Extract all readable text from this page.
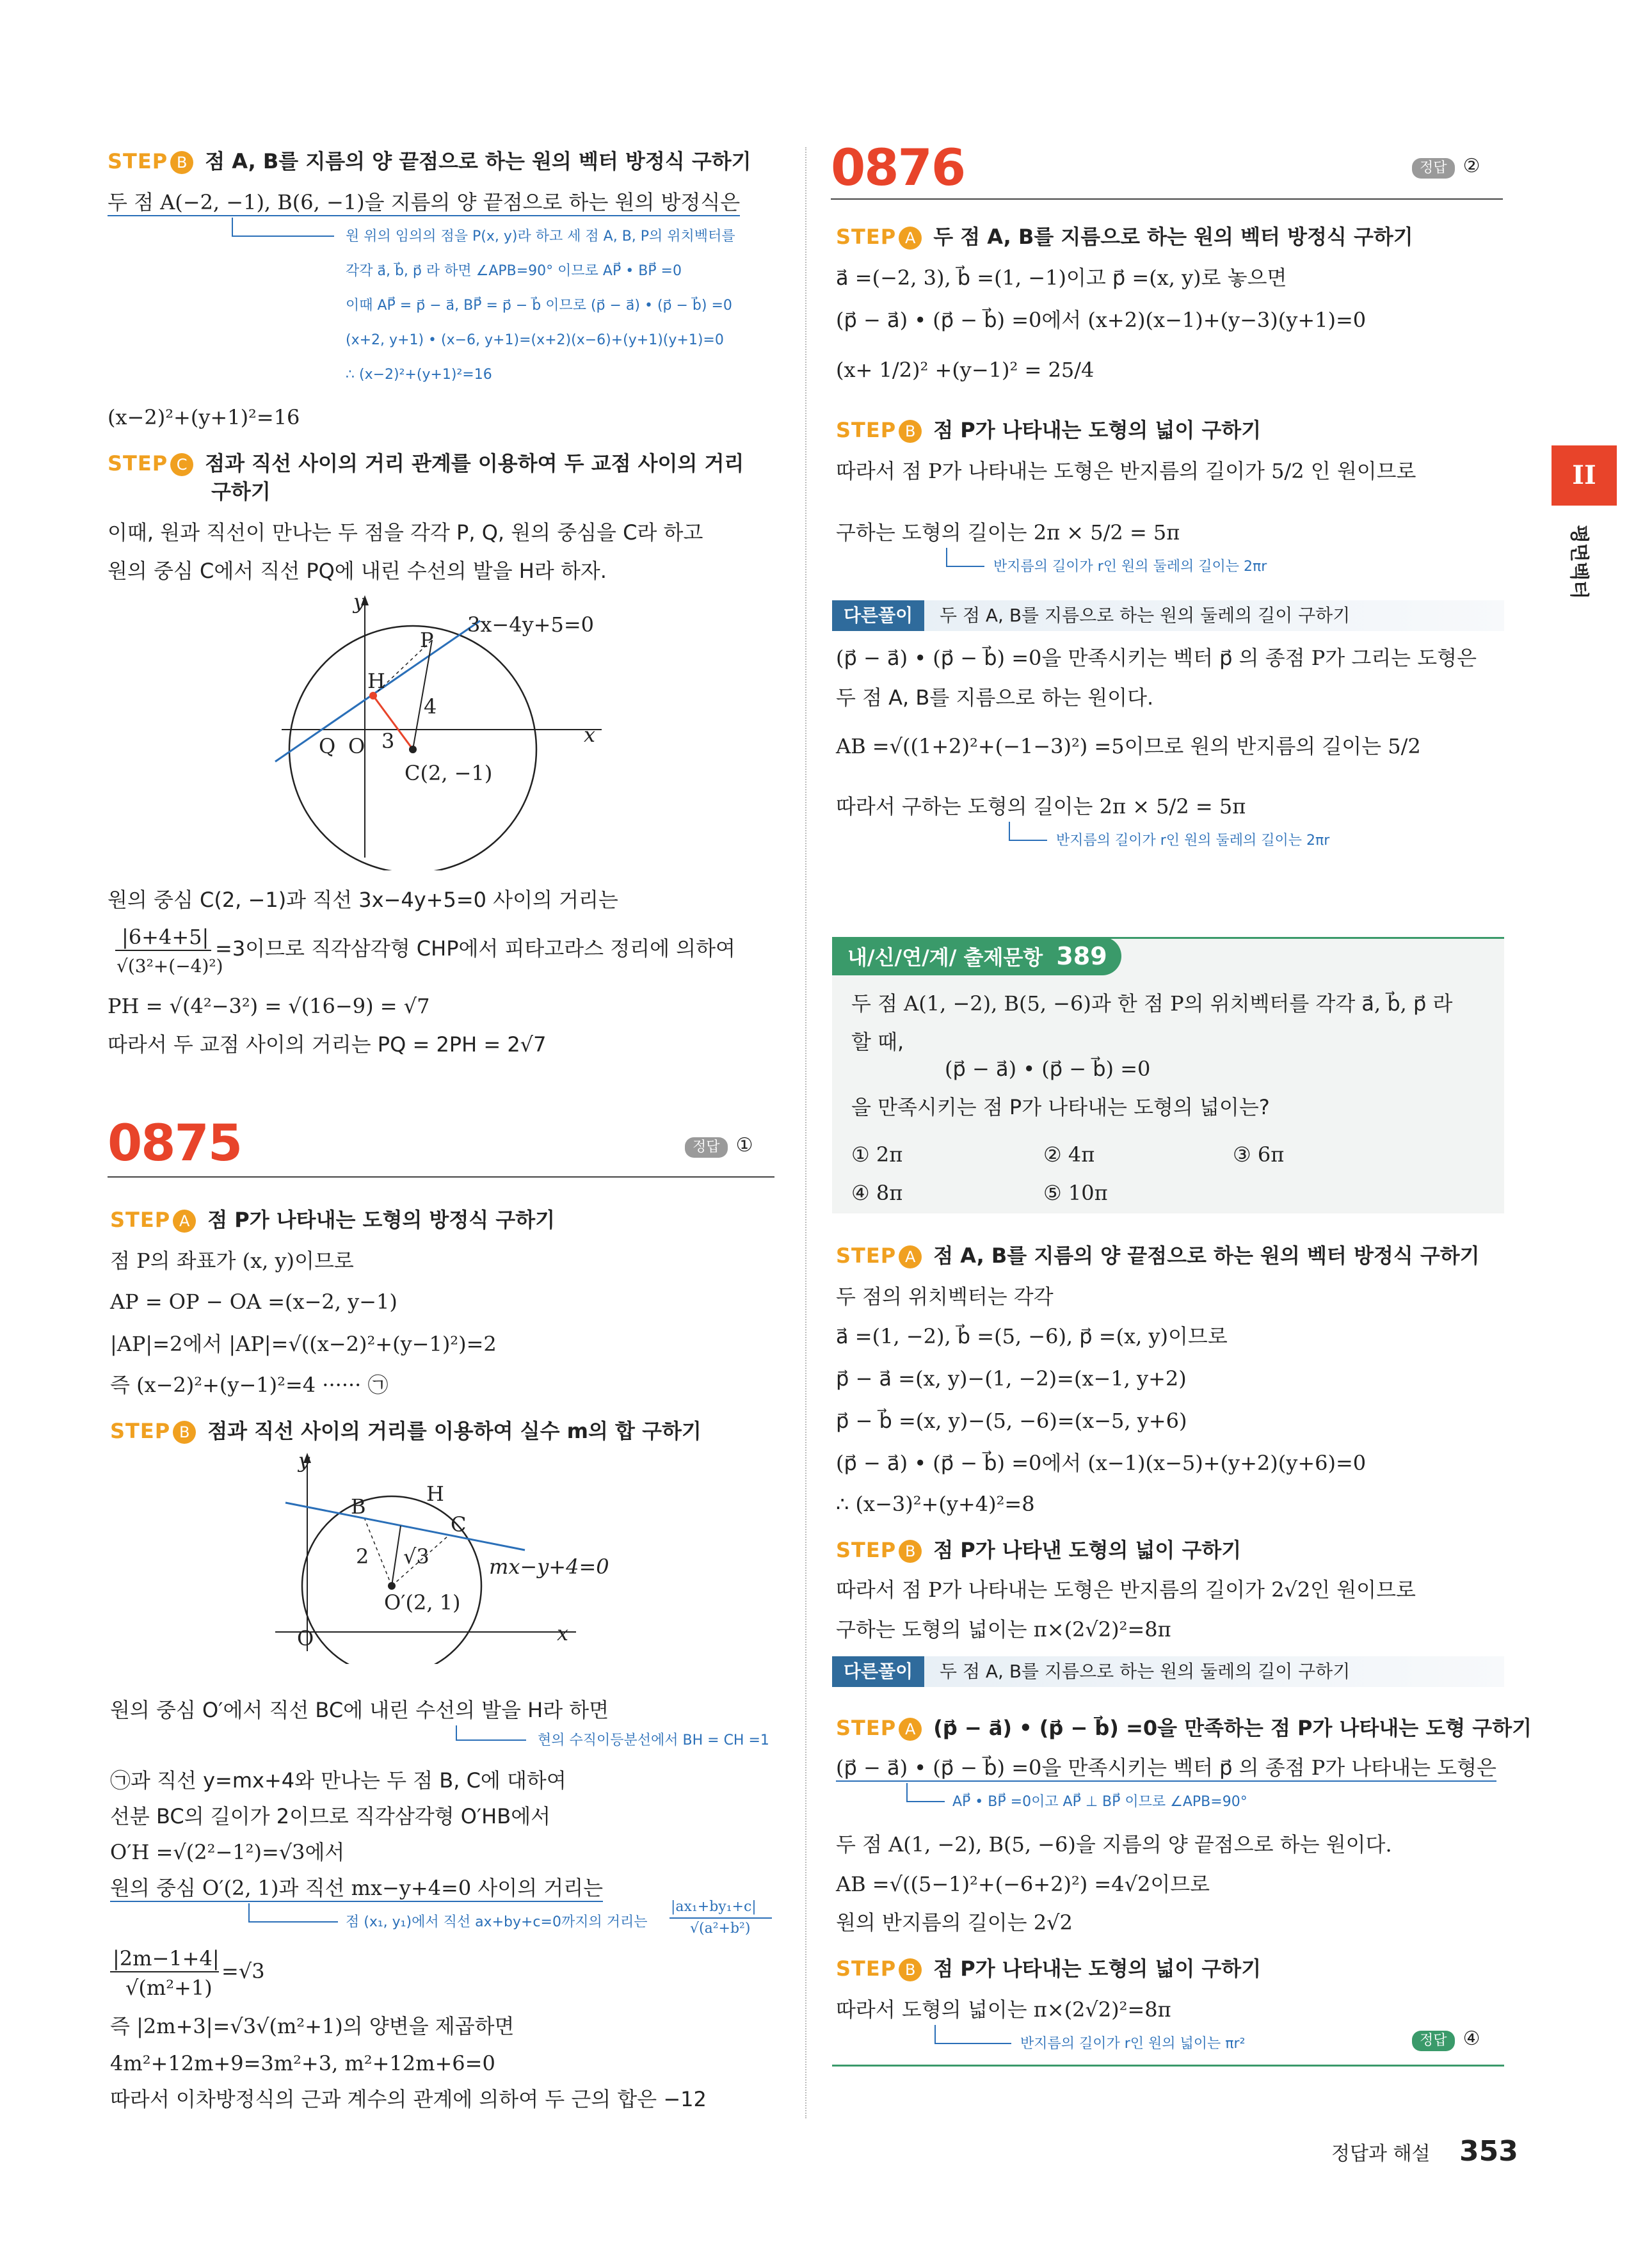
STEP B 점 A, B를 지름의 양 끝점으로 하는 원의 벡터 방정식 구하기
두 점 A(−2, −1), B(6, −1)을 지름의 양 끝점으로 하는 원의 방정식은
원 위의 임의의 점을 P(x, y)라 하고 세 점 A, B, P의 위치벡터를
각각 a⃗, b⃗, p⃗ 라 하면 ∠APB=90° 이므로 AP⃗ • BP⃗ =0
이때 AP⃗ = p⃗ − a⃗, BP⃗ = p⃗ − b⃗ 이므로 (p⃗ − a⃗) • (p⃗ − b⃗) =0
(x+2, y+1) • (x−6, y+1)=(x+2)(x−6)+(y+1)(y+1)=0
∴ (x−2)²+(y+1)²=16
(x−2)²+(y+1)²=16
STEP C 점과 직선 사이의 거리 관계를 이용하여 두 교점 사이의 거리
구하기
이때, 원과 직선이 만나는 두 점을 각각 P, Q, 원의 중심을 C라 하고
원의 중심 C에서 직선 PQ에 내린 수선의 발을 H라 하자.
y
x
3x−4y+5=0
P
H
Q O
C(2, −1)
3
4
원의 중심 C(2, −1)과 직선 3x−4y+5=0 사이의 거리는
|6+4+5|
√(3²+(−4)²)
=3이므로 직각삼각형 CHP에서 피타고라스 정리에 의하여
PH = √(4²−3²) = √(16−9) = √7
따라서 두 교점 사이의 거리는 PQ = 2PH = 2√7
0875	정답 ①
STEP A 점 P가 나타내는 도형의 방정식 구하기
점 P의 좌표가 (x, y)이므로
AP = OP − OA =(x−2, y−1)
|AP|=2에서 |AP|=√((x−2)²+(y−1)²)=2
즉 (x−2)²+(y−1)²=4 ······ ㉠
STEP B 점과 직선 사이의 거리를 이용하여 실수 m의 합 구하기
y
x
B
H
C
O
O′(2, 1)
2 √3	mx−y+4=0
원의 중심 O′에서 직선 BC에 내린 수선의 발을 H라 하면
현의 수직이등분선에서 BH = CH =1
㉠과 직선 y=mx+4와 만나는 두 점 B, C에 대하여
선분 BC의 길이가 2이므로 직각삼각형 O′HB에서
O′H =√(2²−1²)=√3에서
원의 중심 O′(2, 1)과 직선 mx−y+4=0 사이의 거리는
점 (x₁, y₁)에서 직선 ax+by+c=0까지의 거리는
|ax₁+by₁+c|
√(a²+b²)
|2m−1+4|
√(m²+1)
=√3
즉 |2m+3|=√3√(m²+1)의 양변을 제곱하면
4m²+12m+9=3m²+3, m²+12m+6=0
따라서 이차방정식의 근과 계수의 관계에 의하여 두 근의 합은 −12
0876	정답 ②
STEP A 두 점 A, B를 지름으로 하는 원의 벡터 방정식 구하기
a⃗ =(−2, 3), b⃗ =(1, −1)이고 p⃗ =(x, y)로 놓으면
(p⃗ − a⃗) • (p⃗ − b⃗) =0에서 (x+2)(x−1)+(y−3)(y+1)=0
(x+ 1/2)² +(y−1)² = 25/4
STEP B 점 P가 나타내는 도형의 넓이 구하기
따라서 점 P가 나타내는 도형은 반지름의 길이가 5/2 인 원이므로
구하는 도형의 길이는 2π × 5/2 = 5π
반지름의 길이가 r인 원의 둘레의 길이는 2πr
다른풀이	두 점 A, B를 지름으로 하는 원의 둘레의 길이 구하기
(p⃗ − a⃗) • (p⃗ − b⃗) =0을 만족시키는 벡터 p⃗ 의 종점 P가 그리는 도형은
두 점 A, B를 지름으로 하는 원이다.
AB =√((1+2)²+(−1−3)²) =5이므로 원의 반지름의 길이는 5/2
따라서 구하는 도형의 길이는 2π × 5/2 = 5π
반지름의 길이가 r인 원의 둘레의 길이는 2πr
내/신/연/계/ 출제문항 389
두 점 A(1, −2), B(5, −6)과 한 점 P의 위치벡터를 각각 a⃗, b⃗, p⃗ 라
할 때,
(p⃗ − a⃗) • (p⃗ − b⃗) =0
을 만족시키는 점 P가 나타내는 도형의 넓이는?
① 2π	② 4π	③ 6π
④ 8π	⑤ 10π
STEP A 점 A, B를 지름의 양 끝점으로 하는 원의 벡터 방정식 구하기
두 점의 위치벡터는 각각
a⃗ =(1, −2), b⃗ =(5, −6), p⃗ =(x, y)이므로
p⃗ − a⃗ =(x, y)−(1, −2)=(x−1, y+2)
p⃗ − b⃗ =(x, y)−(5, −6)=(x−5, y+6)
(p⃗ − a⃗) • (p⃗ − b⃗) =0에서 (x−1)(x−5)+(y+2)(y+6)=0
∴ (x−3)²+(y+4)²=8
STEP B 점 P가 나타낸 도형의 넓이 구하기
따라서 점 P가 나타내는 도형은 반지름의 길이가 2√2인 원이므로
구하는 도형의 넓이는 π×(2√2)²=8π
다른풀이	두 점 A, B를 지름으로 하는 원의 둘레의 길이 구하기
STEP A (p⃗ − a⃗) • (p⃗ − b⃗) =0을 만족하는 점 P가 나타내는 도형 구하기
(p⃗ − a⃗) • (p⃗ − b⃗) =0을 만족시키는 벡터 p⃗ 의 종점 P가 나타내는 도형은
AP⃗ • BP⃗ =0이고 AP⃗ ⊥ BP⃗ 이므로 ∠APB=90°
두 점 A(1, −2), B(5, −6)을 지름의 양 끝점으로 하는 원이다.
AB =√((5−1)²+(−6+2)²) =4√2이므로
원의 반지름의 길이는 2√2
STEP B 점 P가 나타내는 도형의 넓이 구하기
따라서 도형의 넓이는 π×(2√2)²=8π
반지름의 길이가 r인 원의 넓이는 πr²	정답 ④
II
평면벡터
정답과 해설 353
